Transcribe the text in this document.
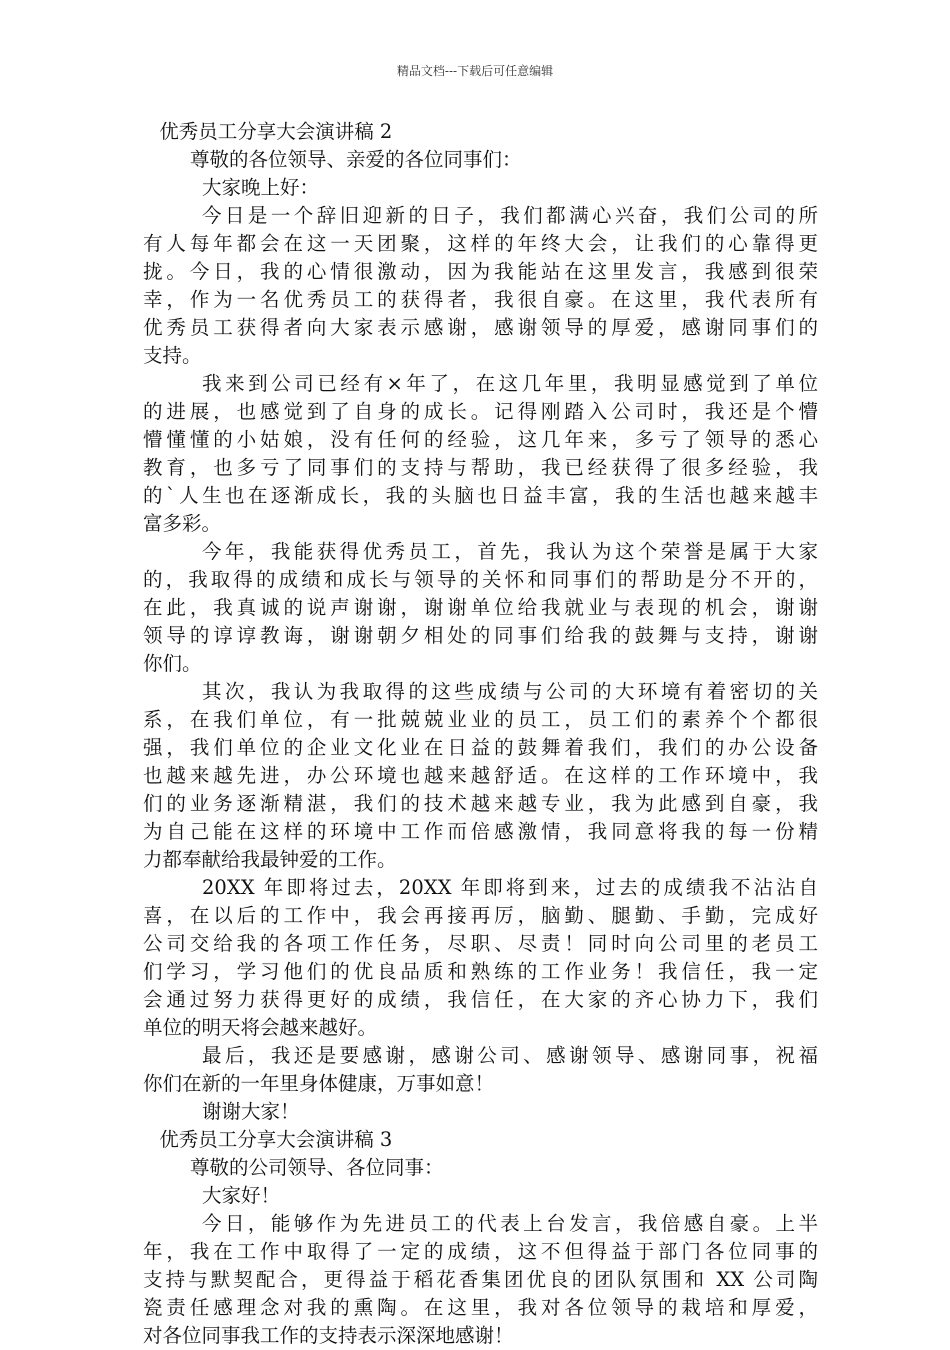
精品文档---下载后可任意编辑
优秀员工分享大会演讲稿 2
尊敬的各位领导、亲爱的各位同事们：
大家晚上好：
今日是一个辞旧迎新的日子，我们都满心兴奋，我们公司的所
有人每年都会在这一天团聚，这样的年终大会，让我们的心靠得更
拢。今日，我的心情很激动，因为我能站在这里发言，我感到很荣
幸，作为一名优秀员工的获得者，我很自豪。在这里，我代表所有
优秀员工获得者向大家表示感谢，感谢领导的厚爱，感谢同事们的
支持。
我来到公司已经有×年了，在这几年里，我明显感觉到了单位
的进展，也感觉到了自身的成长。记得刚踏入公司时，我还是个懵
懵懂懂的小姑娘，没有任何的经验，这几年来，多亏了领导的悉心
教育，也多亏了同事们的支持与帮助，我已经获得了很多经验，我
的`人生也在逐渐成长，我的头脑也日益丰富，我的生活也越来越丰
富多彩。
今年，我能获得优秀员工，首先，我认为这个荣誉是属于大家
的，我取得的成绩和成长与领导的关怀和同事们的帮助是分不开的，
在此，我真诚的说声谢谢，谢谢单位给我就业与表现的机会，谢谢
领导的谆谆教诲，谢谢朝夕相处的同事们给我的鼓舞与支持，谢谢
你们。
其次，我认为我取得的这些成绩与公司的大环境有着密切的关
系，在我们单位，有一批兢兢业业的员工，员工们的素养个个都很
强，我们单位的企业文化业在日益的鼓舞着我们，我们的办公设备
也越来越先进，办公环境也越来越舒适。在这样的工作环境中，我
们的业务逐渐精湛，我们的技术越来越专业，我为此感到自豪，我
为自己能在这样的环境中工作而倍感激情，我同意将我的每一份精
力都奉献给我最钟爱的工作。
20XX 年即将过去，20XX 年即将到来，过去的成绩我不沾沾自
喜，在以后的工作中，我会再接再厉，脑勤、腿勤、手勤，完成好
公司交给我的各项工作任务，尽职、尽责！同时向公司里的老员工
们学习，学习他们的优良品质和熟练的工作业务！我信任，我一定
会通过努力获得更好的成绩，我信任，在大家的齐心协力下，我们
单位的明天将会越来越好。
最后，我还是要感谢，感谢公司、感谢领导、感谢同事，祝福
你们在新的一年里身体健康，万事如意！
谢谢大家！
优秀员工分享大会演讲稿 3
尊敬的公司领导、各位同事：
大家好！
今日，能够作为先进员工的代表上台发言，我倍感自豪。上半
年，我在工作中取得了一定的成绩，这不但得益于部门各位同事的
支持与默契配合，更得益于稻花香集团优良的团队氛围和 XX 公司陶
瓷责任感理念对我的熏陶。在这里，我对各位领导的栽培和厚爱，
对各位同事我工作的支持表示深深地感谢！
